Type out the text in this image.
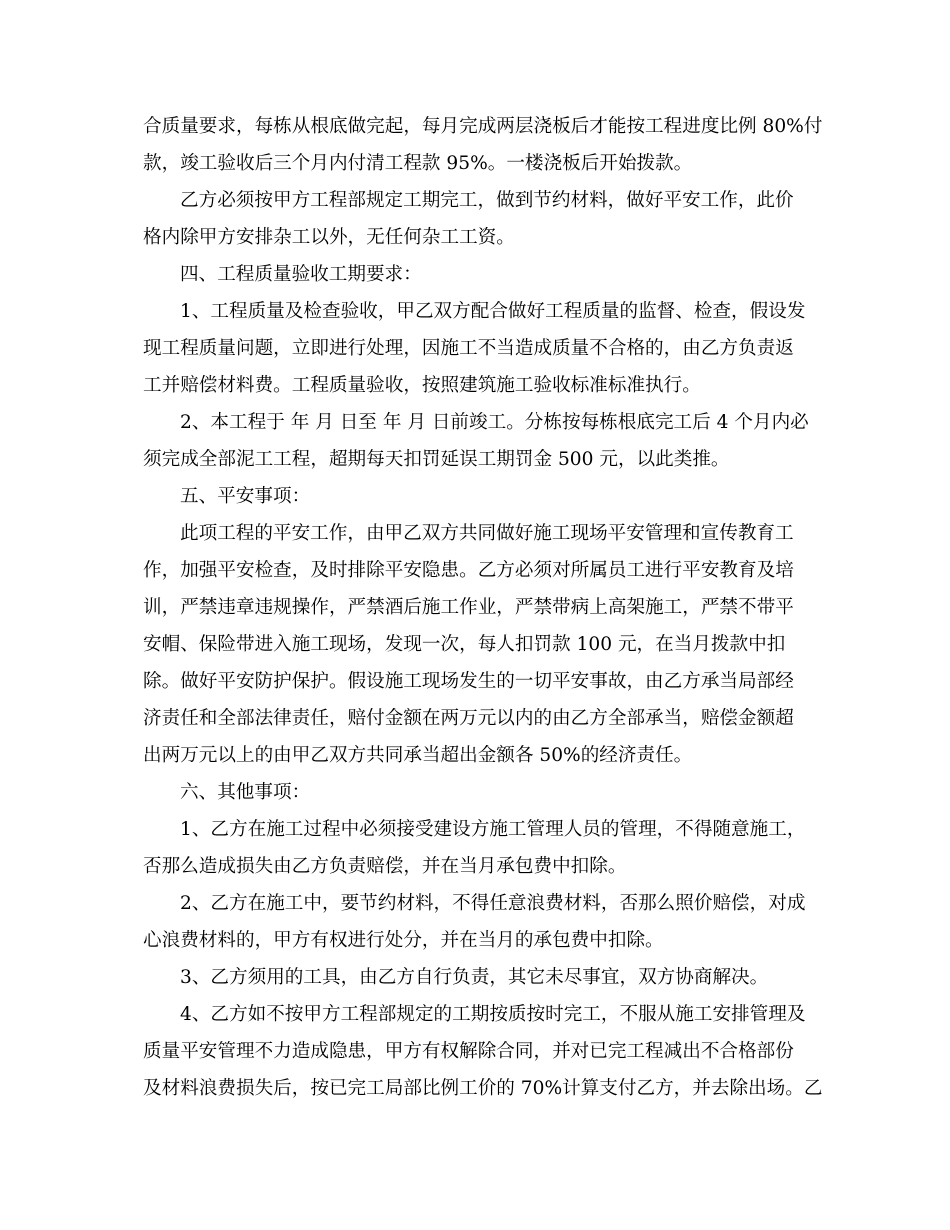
合质量要求，每栋从根底做完起，每月完成两层浇板后才能按工程进度比例 80%付
款，竣工验收后三个月内付清工程款 95%。一楼浇板后开始拨款。
乙方必须按甲方工程部规定工期完工，做到节约材料，做好平安工作，此价
格内除甲方安排杂工以外，无任何杂工工资。
四、工程质量验收工期要求：
1、工程质量及检查验收，甲乙双方配合做好工程质量的监督、检查，假设发
现工程质量问题，立即进行处理，因施工不当造成质量不合格的，由乙方负责返
工并赔偿材料费。工程质量验收，按照建筑施工验收标准标准执行。
2、本工程于 年 月 日至 年 月 日前竣工。分栋按每栋根底完工后 4 个月内必
须完成全部泥工工程，超期每天扣罚延误工期罚金 500 元，以此类推。
五、平安事项：
此项工程的平安工作，由甲乙双方共同做好施工现场平安管理和宣传教育工
作，加强平安检查，及时排除平安隐患。乙方必须对所属员工进行平安教育及培
训，严禁违章违规操作，严禁酒后施工作业，严禁带病上高架施工，严禁不带平
安帽、保险带进入施工现场，发现一次，每人扣罚款 100 元，在当月拨款中扣
除。做好平安防护保护。假设施工现场发生的一切平安事故，由乙方承当局部经
济责任和全部法律责任，赔付金额在两万元以内的由乙方全部承当，赔偿金额超
出两万元以上的由甲乙双方共同承当超出金额各 50%的经济责任。
六、其他事项：
1、乙方在施工过程中必须接受建设方施工管理人员的管理，不得随意施工，
否那么造成损失由乙方负责赔偿，并在当月承包费中扣除。
2、乙方在施工中，要节约材料，不得任意浪费材料，否那么照价赔偿，对成
心浪费材料的，甲方有权进行处分，并在当月的承包费中扣除。
3、乙方须用的工具，由乙方自行负责，其它未尽事宜，双方协商解决。
4、乙方如不按甲方工程部规定的工期按质按时完工，不服从施工安排管理及
质量平安管理不力造成隐患，甲方有权解除合同，并对已完工程减出不合格部份
及材料浪费损失后，按已完工局部比例工价的 70%计算支付乙方，并去除出场。乙
